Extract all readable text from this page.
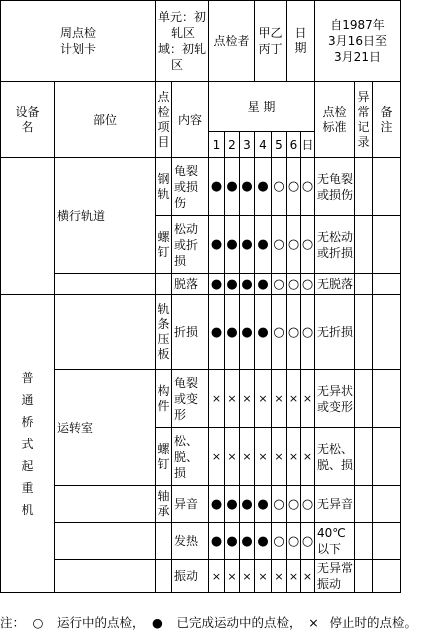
周点检
计划卡		单元：初
轧区
域：初轧
区		点检者			甲乙
丙丁		日期		自1987年
3月16日至
3月21日		

设备名	部位	点检项目	内容	星 期							点检标准	异常记录	备注
				1	2	3	4	5	6	日			

	横行轨道	钢轨	龟裂或损伤	●	●	●	●	○	○	○	无龟裂或损伤		

		螺钉	松动或折损	●	●	●	●	○	○	○	无松动或折损		

			脱落	●	●	●	●	○	○	○	无脱落		

普通桥式起重机		轨条压板	折损	●	●	●	●	○	○	○	无折损		

	运转室	构件	龟裂或变形	×	×	×	×	×	×	×	无异状或变形		

		螺钉	松、脱、损	×	×	×	×	×	×	×	无松、脱、损		

		轴承	异音	●	●	●	●	○	○	○	无异音		

			发热	●	●	●	●	○	○	○	40℃以下		

			振动	×	×	×	×	×	×	×	无异常振动		

注： ○ 运行中的点检， ● 已完成运动中的点检， × 停止时的点检。
